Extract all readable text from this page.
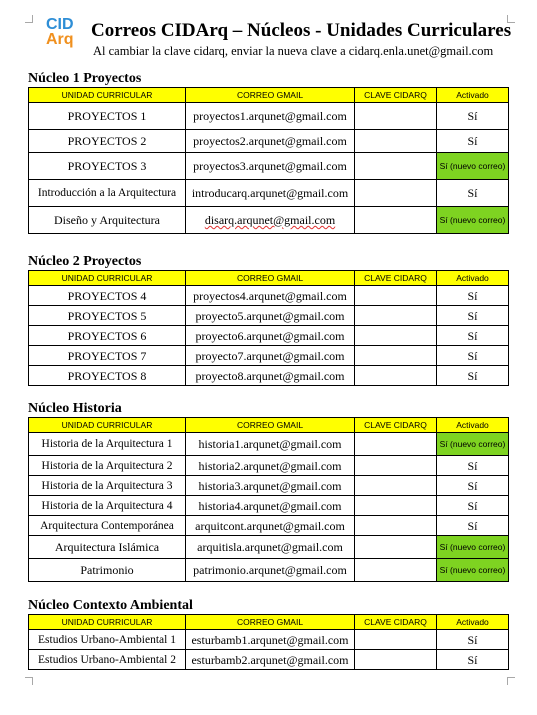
CID
Arq Correos CIDArq – Núcleos - Unidades Curriculares
Al cambiar la clave cidarq, enviar la nueva clave a cidarq.enla.unet@gmail.com
Núcleo 1 Proyectos
UNIDAD CURRICULAR	CORREO GMAIL	CLAVE CIDARQ	Activado
PROYECTOS 1	proyectos1.arqunet@gmail.com		Sí
PROYECTOS 2	proyectos2.arqunet@gmail.com		Sí
PROYECTOS 3	proyectos3.arqunet@gmail.com		Sí (nuevo correo)
Introducción a la Arquitectura	introducarq.arqunet@gmail.com		Sí
Diseño y Arquitectura	disarq.arqunet@gmail.com		Sí (nuevo correo)
Núcleo 2 Proyectos
UNIDAD CURRICULAR	CORREO GMAIL	CLAVE CIDARQ	Activado
PROYECTOS 4	proyectos4.arqunet@gmail.com		Sí
PROYECTOS 5	proyecto5.arqunet@gmail.com		Sí
PROYECTOS 6	proyecto6.arqunet@gmail.com		Sí
PROYECTOS 7	proyecto7.arqunet@gmail.com		Sí
PROYECTOS 8	proyecto8.arqunet@gmail.com		Sí
Núcleo Historia
UNIDAD CURRICULAR	CORREO GMAIL	CLAVE CIDARQ	Activado
Historia de la Arquitectura 1	historia1.arqunet@gmail.com		Sí (nuevo correo)
Historia de la Arquitectura 2	historia2.arqunet@gmail.com		Sí
Historia de la Arquitectura 3	historia3.arqunet@gmail.com		Sí
Historia de la Arquitectura 4	historia4.arqunet@gmail.com		Sí
Arquitectura Contemporánea	arquitcont.arqunet@gmail.com		Sí
Arquitectura Islámica	arquitisla.arqunet@gmail.com		Sí (nuevo correo)
Patrimonio	patrimonio.arqunet@gmail.com		Sí (nuevo correo)
Núcleo Contexto Ambiental
UNIDAD CURRICULAR	CORREO GMAIL	CLAVE CIDARQ	Activado
Estudios Urbano-Ambiental 1	esturbamb1.arqunet@gmail.com		Sí
Estudios Urbano-Ambiental 2	esturbamb2.arqunet@gmail.com		Sí
